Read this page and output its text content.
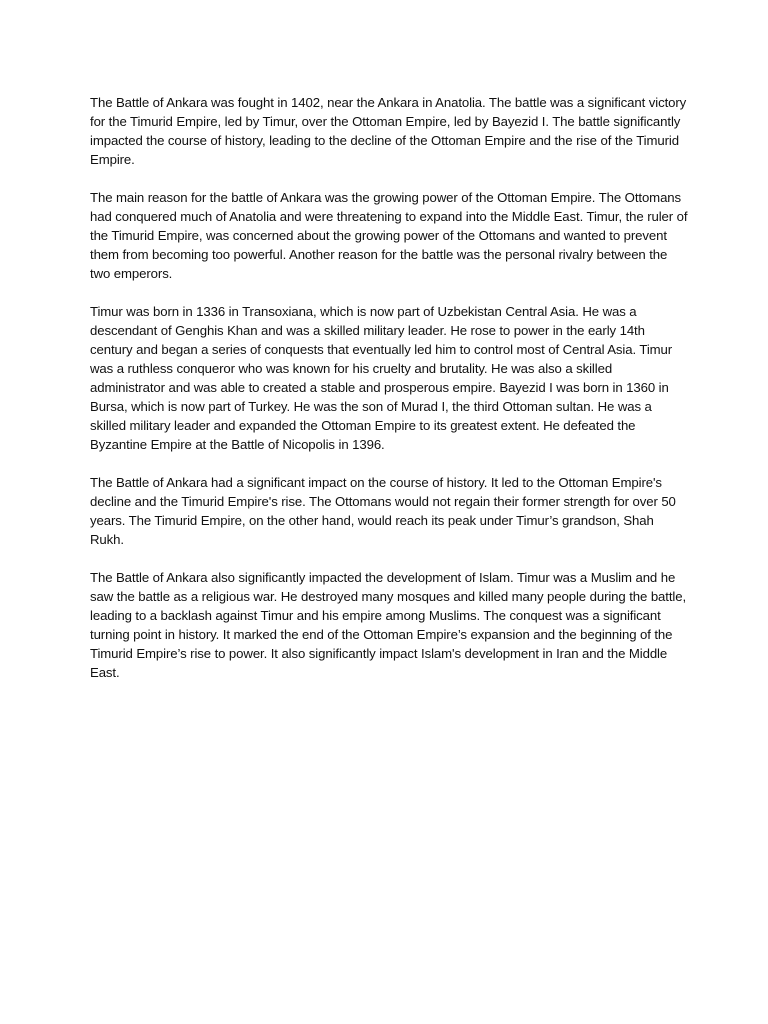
The Battle of Ankara was fought in 1402, near the Ankara in Anatolia. The battle was a significant victory for the Timurid Empire, led by Timur, over the Ottoman Empire, led by Bayezid I. The battle significantly impacted the course of history, leading to the decline of the Ottoman Empire and the rise of the Timurid Empire.

The main reason for the battle of Ankara was the growing power of the Ottoman Empire. The Ottomans had conquered much of Anatolia and were threatening to expand into the Middle East. Timur, the ruler of the Timurid Empire, was concerned about the growing power of the Ottomans and wanted to prevent them from becoming too powerful. Another reason for the battle was the personal rivalry between the two emperors.

Timur was born in 1336 in Transoxiana, which is now part of Uzbekistan Central Asia. He was a descendant of Genghis Khan and was a skilled military leader. He rose to power in the early 14th century and began a series of conquests that eventually led him to control most of Central Asia. Timur was a ruthless conqueror who was known for his cruelty and brutality. He was also a skilled administrator and was able to created a stable and prosperous empire. Bayezid I was born in 1360 in Bursa, which is now part of Turkey. He was the son of Murad I, the third Ottoman sultan. He was a skilled military leader and expanded the Ottoman Empire to its greatest extent. He defeated the Byzantine Empire at the Battle of Nicopolis in 1396.

The Battle of Ankara had a significant impact on the course of history. It led to the Ottoman Empire's decline and the Timurid Empire's rise. The Ottomans would not regain their former strength for over 50 years. The Timurid Empire, on the other hand, would reach its peak under Timur’s grandson, Shah Rukh.

The Battle of Ankara also significantly impacted the development of Islam. Timur was a Muslim and he saw the battle as a religious war. He destroyed many mosques and killed many people during the battle, leading to a backlash against Timur and his empire among Muslims. The conquest was a significant turning point in history. It marked the end of the Ottoman Empire’s expansion and the beginning of the Timurid Empire’s rise to power. It also significantly impact Islam's development in Iran and the Middle East.
